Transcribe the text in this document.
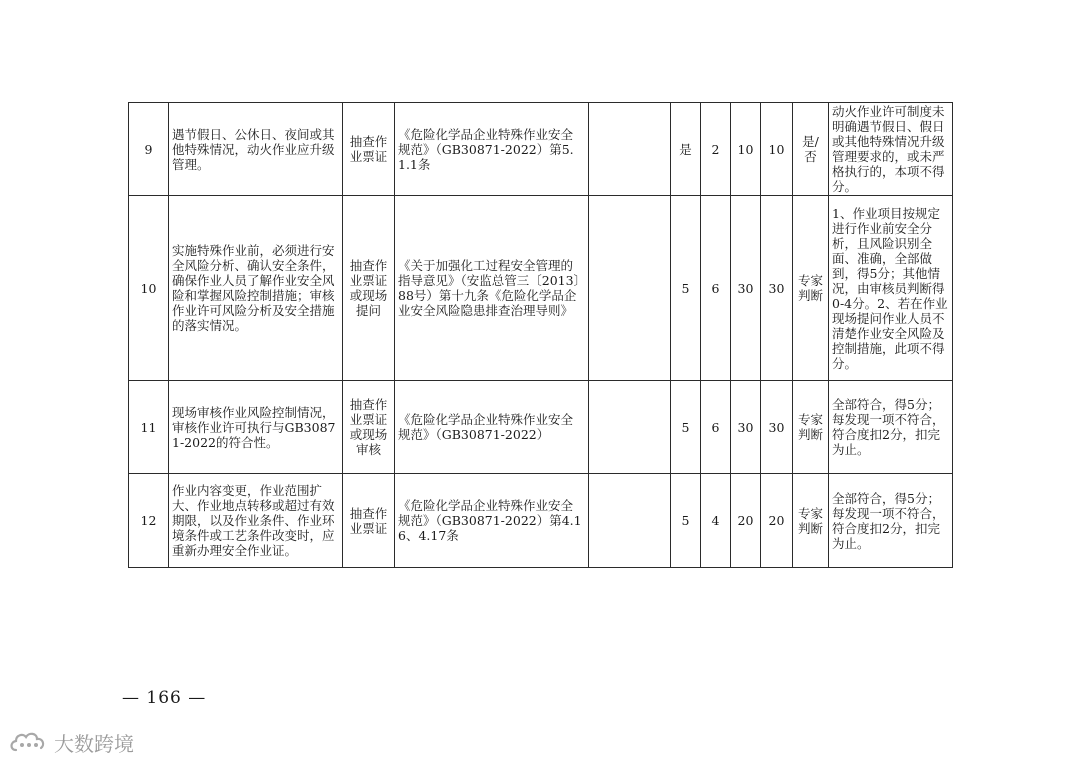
9	遇节假日、公休日、夜间或其他特殊情况，动火作业应升级管理。	抽查作业票证	《危险化学品企业特殊作业安全规范》（GB30871-2022）第5.1.1条		是	2	10	10	是/否	动火作业许可制度未明确遇节假日、假日或其他特殊情况升级管理要求的，或未严格执行的，本项不得分。
10	实施特殊作业前，必须进行安全风险分析、确认安全条件，确保作业人员了解作业安全风险和掌握风险控制措施；审核作业许可风险分析及安全措施的落实情况。	抽查作业票证或现场提问	《关于加强化工过程安全管理的指导意见》（安监总管三〔2013〕88号）第十九条《危险化学品企业安全风险隐患排查治理导则》		5	6	30	30	专家判断	1、作业项目按规定进行作业前安全分析，且风险识别全面、准确，全部做到，得5分；其他情况，由审核员判断得0-4分。2、若在作业现场提问作业人员不清楚作业安全风险及控制措施，此项不得分。
11	现场审核作业风险控制情况，审核作业许可执行与GB30871-2022的符合性。	抽查作业票证或现场审核	《危险化学品企业特殊作业安全规范》（GB30871-2022）		5	6	30	30	专家判断	全部符合，得5分；每发现一项不符合，符合度扣2分，扣完为止。
12	作业内容变更，作业范围扩大、作业地点转移或超过有效期限，以及作业条件、作业环境条件或工艺条件改变时，应重新办理安全作业证。	抽查作业票证	《危险化学品企业特殊作业安全规范》（GB30871-2022）第4.16、4.17条		5	4	20	20	专家判断	全部符合，得5分；每发现一项不符合，符合度扣2分，扣完为止。
— 166 —
大数跨境
